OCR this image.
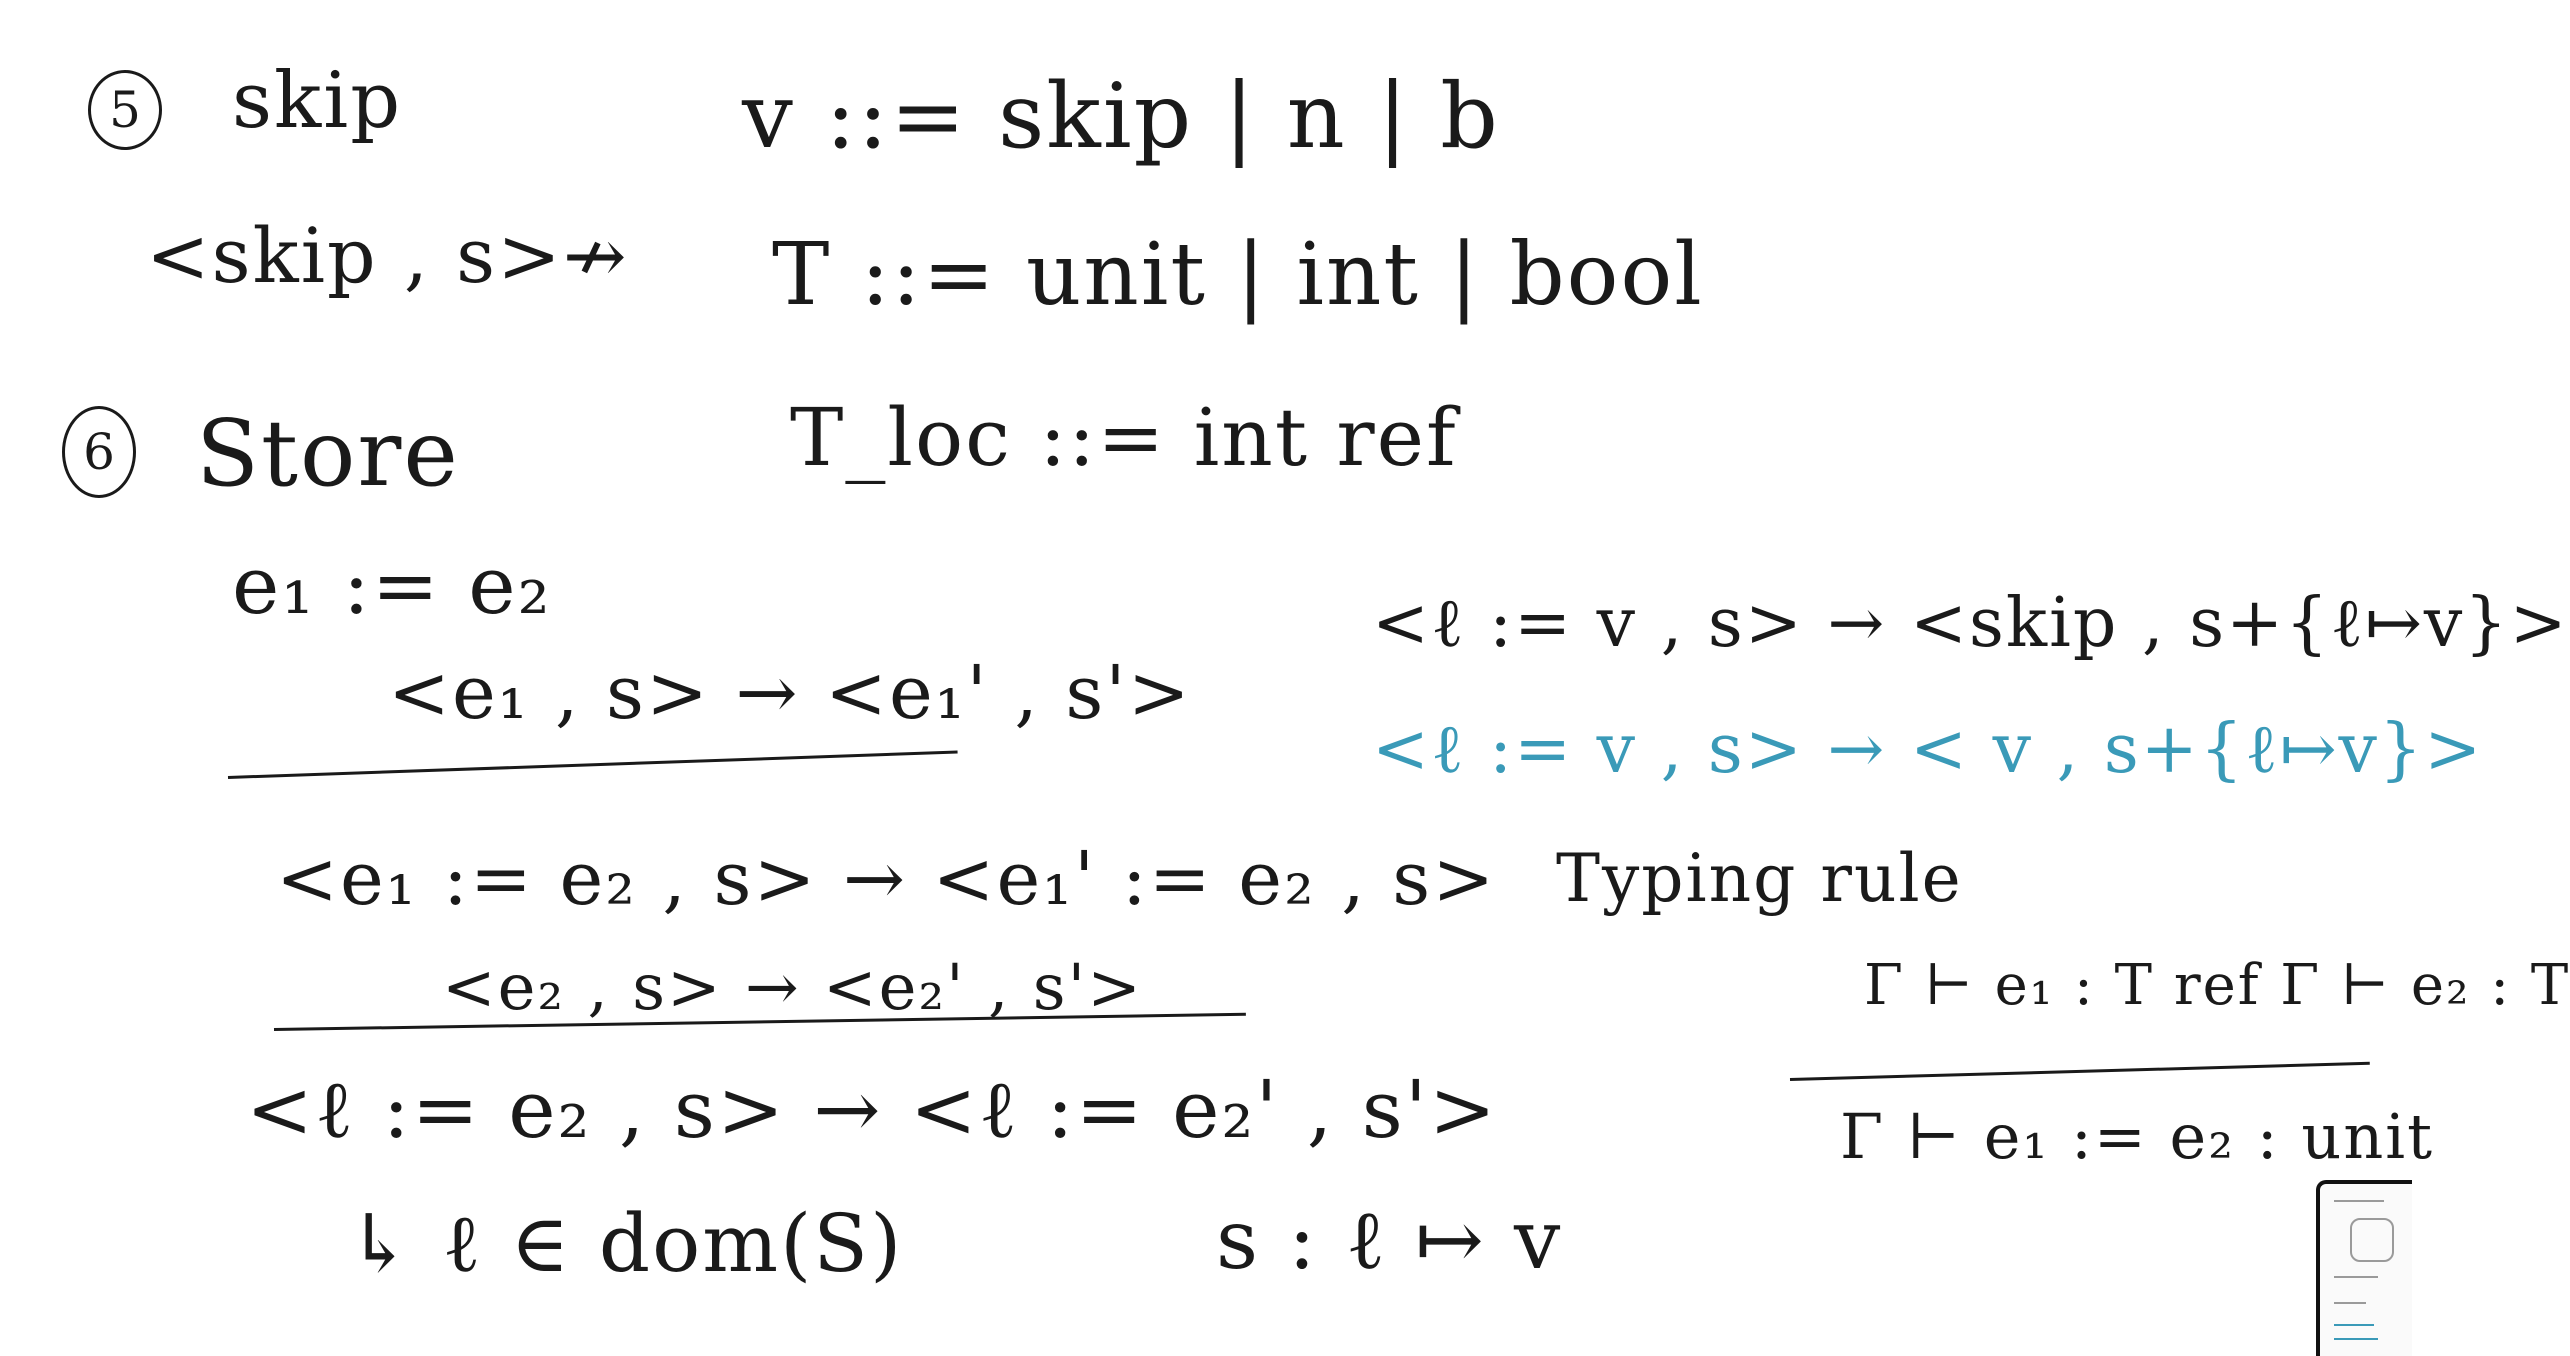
5 skip
<skip , s>↛
v ::= skip | n | b
T ::= unit | int | bool
T_loc ::= int ref
6 Store
e₁ := e₂
<e₁ , s> → <e₁' , s'>
<e₁ := e₂ , s> → <e₁' := e₂ , s>
<e₂ , s> → <e₂' , s'>
<ℓ := e₂ , s> → <ℓ := e₂' , s'>
↳ ℓ ∈ dom(S)	s : ℓ ↦ v
<ℓ := v , s> → <skip , s+{ℓ↦v}>
<ℓ := v , s> → < v , s+{ℓ↦v}>
Typing rule
Γ ⊢ e₁ : T ref Γ ⊢ e₂ : T
Γ ⊢ e₁ := e₂ : unit
